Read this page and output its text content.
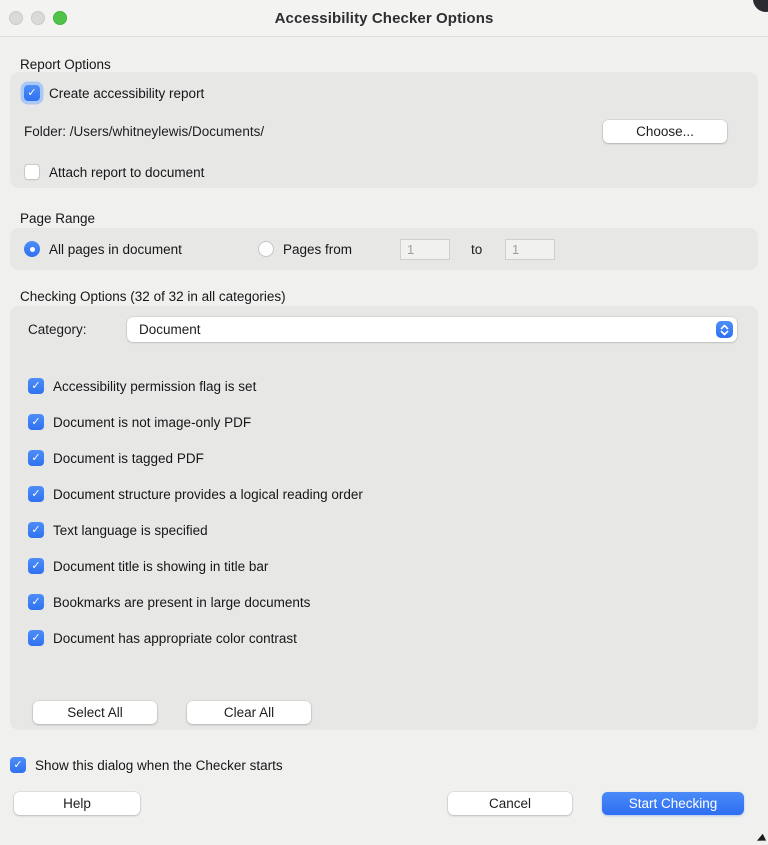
Accessibility Checker Options
Report Options
✓ Create accessibility report
Folder: /Users/whitneylewis/Documents/	Choose...
Attach report to document
Page Range
All pages in document	Pages from	1	to	1
Checking Options (32 of 32 in all categories)
Category:	Document
✓ Accessibility permission flag is set
✓ Document is not image-only PDF
✓ Document is tagged PDF
✓ Document structure provides a logical reading order
✓ Text language is specified
✓ Document title is showing in title bar
✓ Bookmarks are present in large documents
✓ Document has appropriate color contrast
Select All	Clear All
✓ Show this dialog when the Checker starts
Help	Cancel	Start Checking
